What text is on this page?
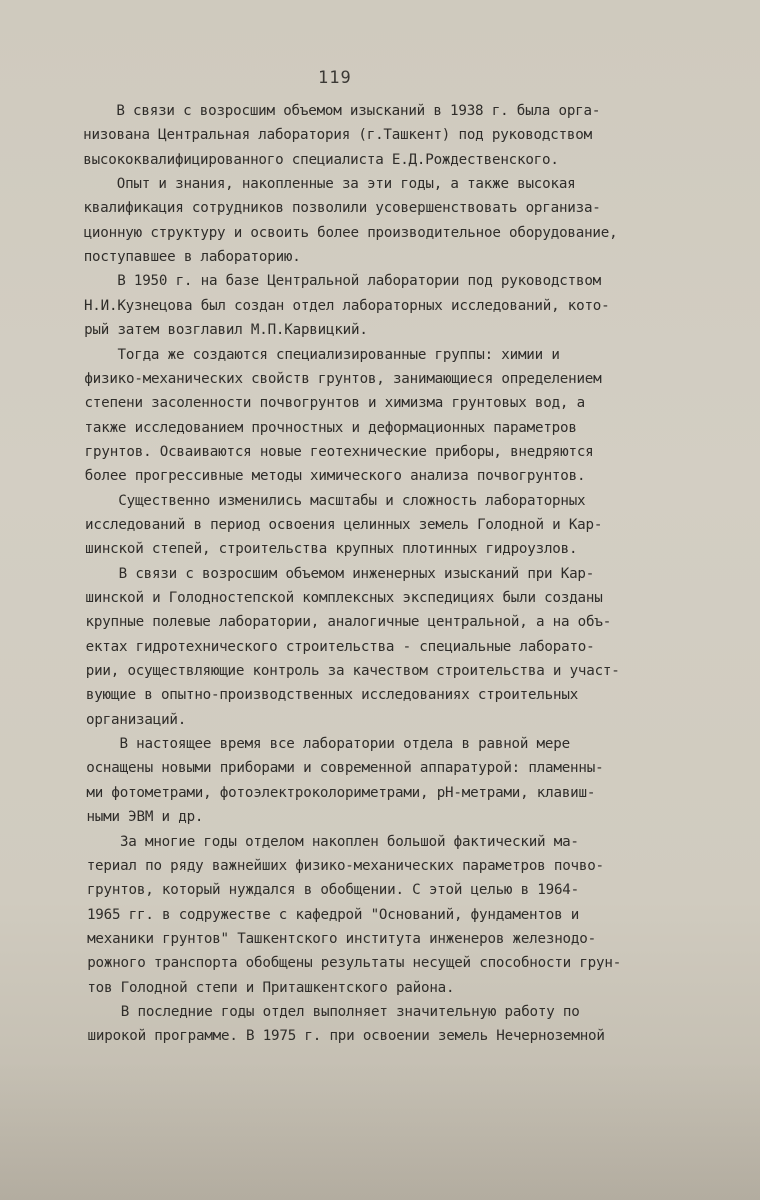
119
В связи с возросшим объемом изысканий в 1938 г. была орга-
низована Центральная лаборатория (г.Ташкент) под руководством
высококвалифицированного специалиста Е.Д.Рождественского.
Опыт и знания, накопленные за эти годы, а также высокая
квалификация сотрудников позволили усовершенствовать организа-
ционную структуру и освоить более производительное оборудование,
поступавшее в лабораторию.
В 1950 г. на базе Центральной лаборатории под руководством
Н.И.Кузнецова был создан отдел лабораторных исследований, кото-
рый затем возглавил М.П.Карвицкий.
Тогда же создаются специализированные группы: химии и
физико-механических свойств грунтов, занимающиеся определением
степени засоленности почвогрунтов и химизма грунтовых вод, а
также исследованием прочностных и деформационных параметров
грунтов. Осваиваются новые геотехнические приборы, внедряются
более прогрессивные методы химического анализа почвогрунтов.
Существенно изменились масштабы и сложность лабораторных
исследований в период освоения целинных земель Голодной и Кар-
шинской степей, строительства крупных плотинных гидроузлов.
В связи с возросшим объемом инженерных изысканий при Кар-
шинской и Голодностепской комплексных экспедициях были созданы
крупные полевые лаборатории, аналогичные центральной, а на объ-
ектах гидротехнического строительства - специальные лаборато-
рии, осуществляющие контроль за качеством строительства и участ-
вующие в опытно-производственных исследованиях строительных
организаций.
В настоящее время все лаборатории отдела в равной мере
оснащены новыми приборами и современной аппаратурой: пламенны-
ми фотометрами, фотоэлектроколориметрами, pH-метрами, клавиш-
ными ЭВМ и др.
За многие годы отделом накоплен большой фактический ма-
териал по ряду важнейших физико-механических параметров почво-
грунтов, который нуждался в обобщении. С этой целью в 1964-
1965 гг. в содружестве с кафедрой "Оснований, фундаментов и
механики грунтов" Ташкентского института инженеров железнодо-
рожного транспорта обобщены результаты несущей способности грун-
тов Голодной степи и Приташкентского района.
В последние годы отдел выполняет значительную работу по
широкой программе. В 1975 г. при освоении земель Нечерноземной
